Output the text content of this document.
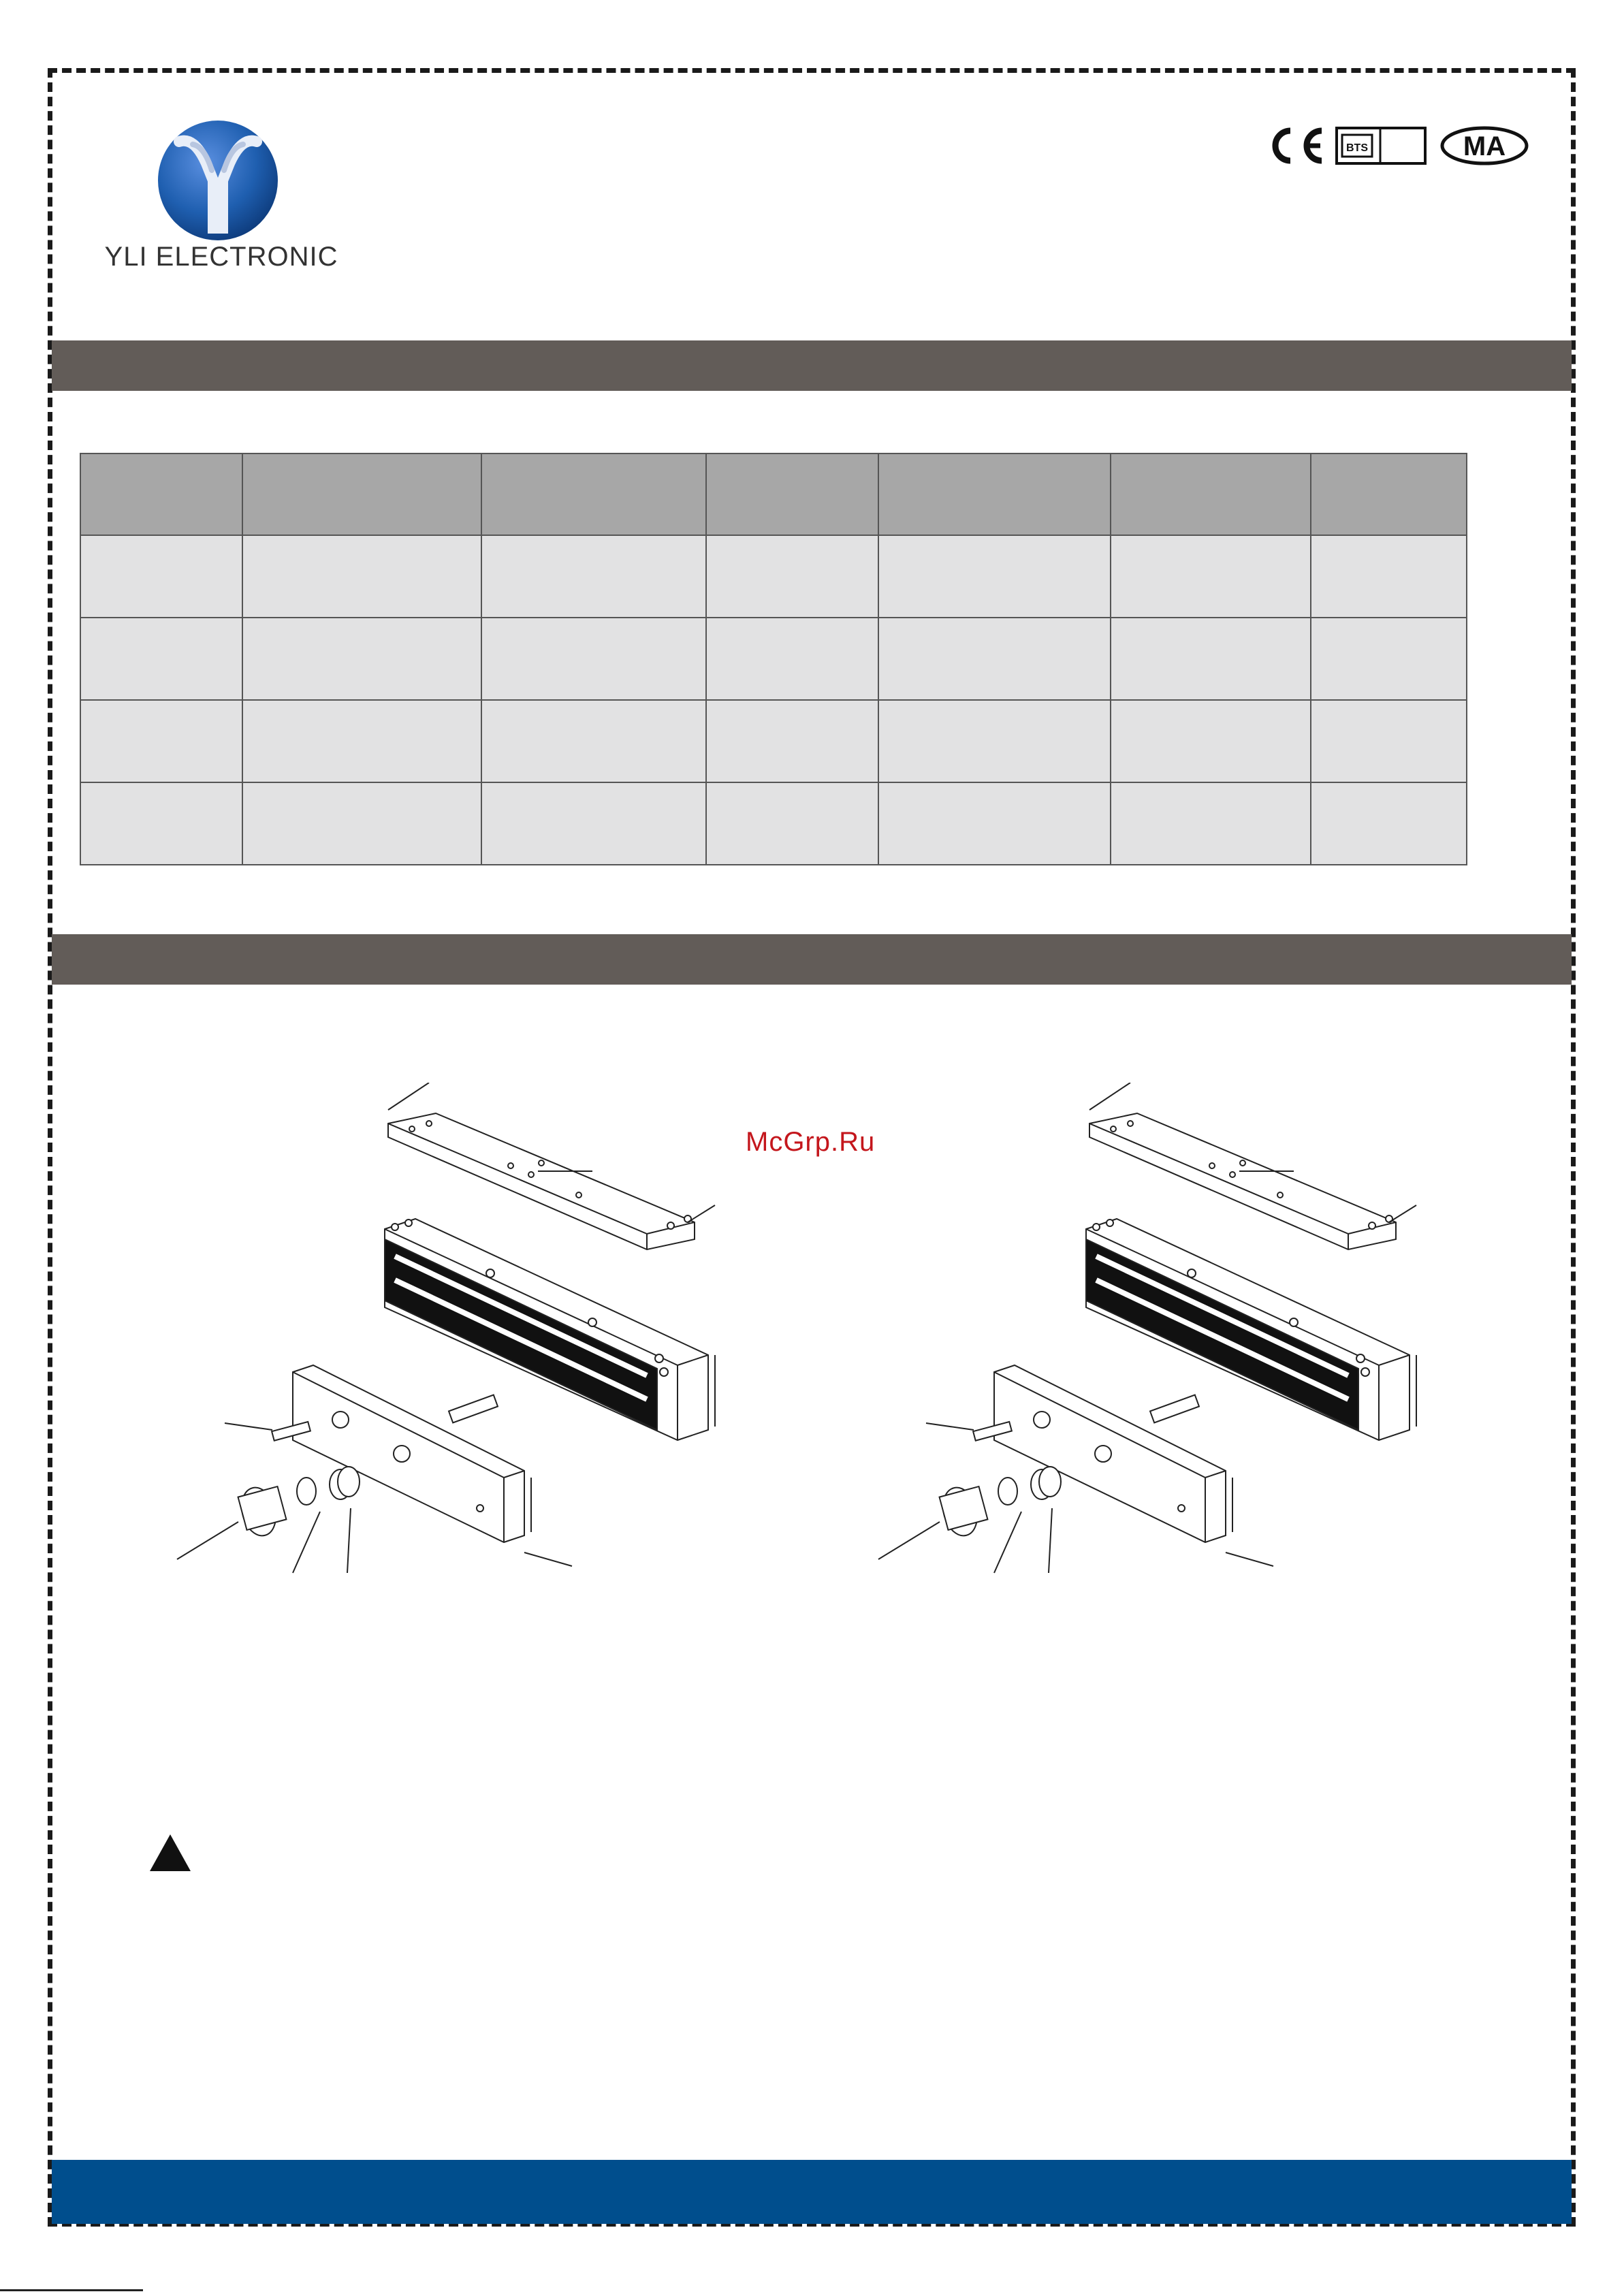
YLI ELECTRONIC
BTS	MA

McGrp.Ru
